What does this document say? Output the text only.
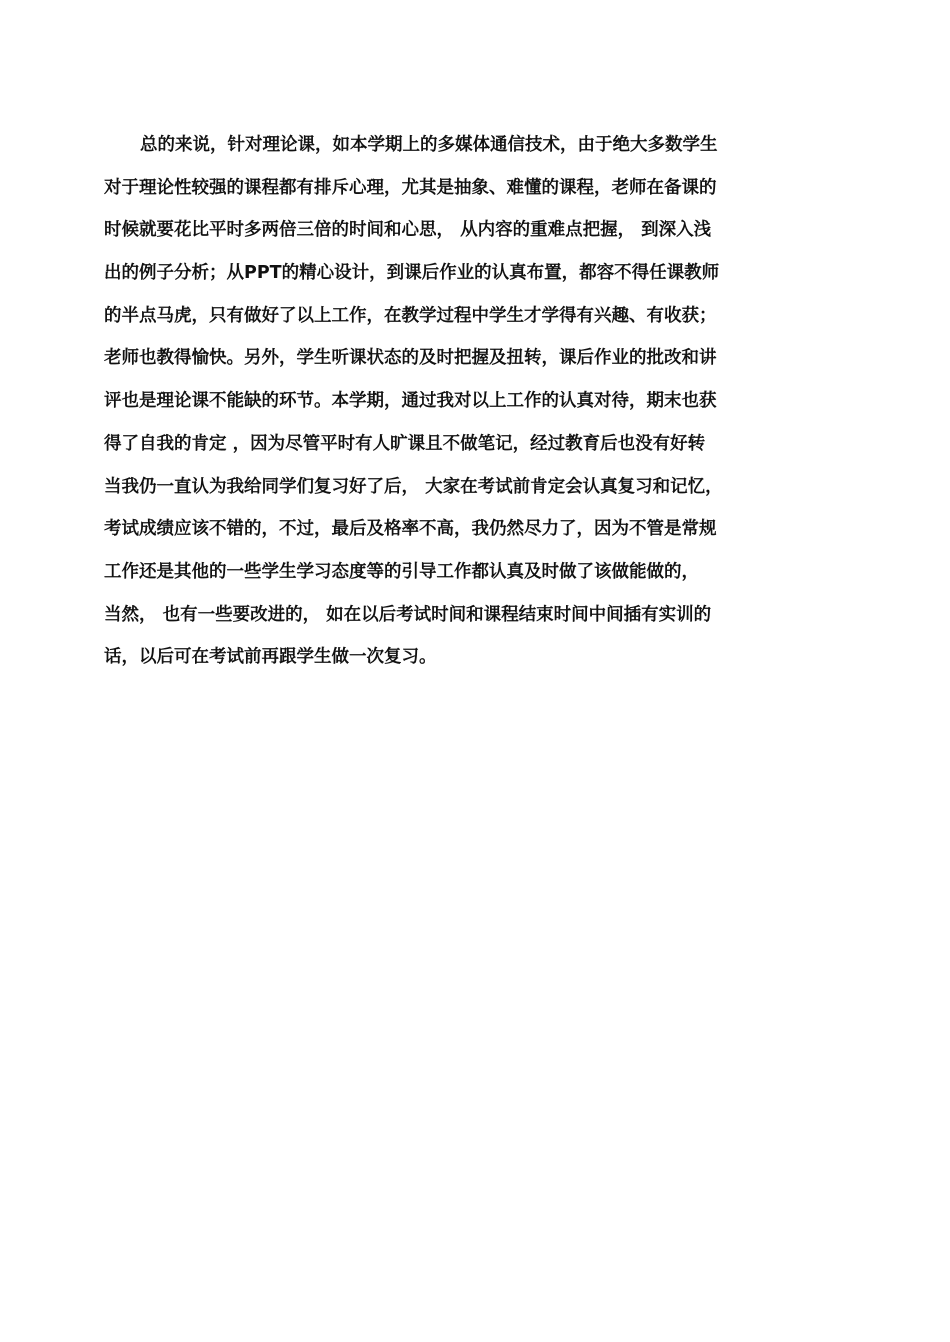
总的来说，针对理论课，如本学期上的多媒体通信技术，由于绝大多数学生
对于理论性较强的课程都有排斥心理，尤其是抽象、难懂的课程，老师在备课的
时候就要花比平时多两倍三倍的时间和心思， 从内容的重难点把握， 到深入浅
出的例子分析；从PPT的精心设计，到课后作业的认真布置，都容不得任课教师
的半点马虎，只有做好了以上工作，在教学过程中学生才学得有兴趣、有收获；
老师也教得愉快。另外，学生听课状态的及时把握及扭转，课后作业的批改和讲
评也是理论课不能缺的环节。本学期，通过我对以上工作的认真对待，期末也获
得了自我的肯定 ，因为尽管平时有人旷课且不做笔记，经过教育后也没有好转
当我仍一直认为我给同学们复习好了后， 大家在考试前肯定会认真复习和记忆，
考试成绩应该不错的，不过，最后及格率不高，我仍然尽力了，因为不管是常规
工作还是其他的一些学生学习态度等的引导工作都认真及时做了该做能做的，
当然， 也有一些要改进的， 如在以后考试时间和课程结束时间中间插有实训的
话，以后可在考试前再跟学生做一次复习。
